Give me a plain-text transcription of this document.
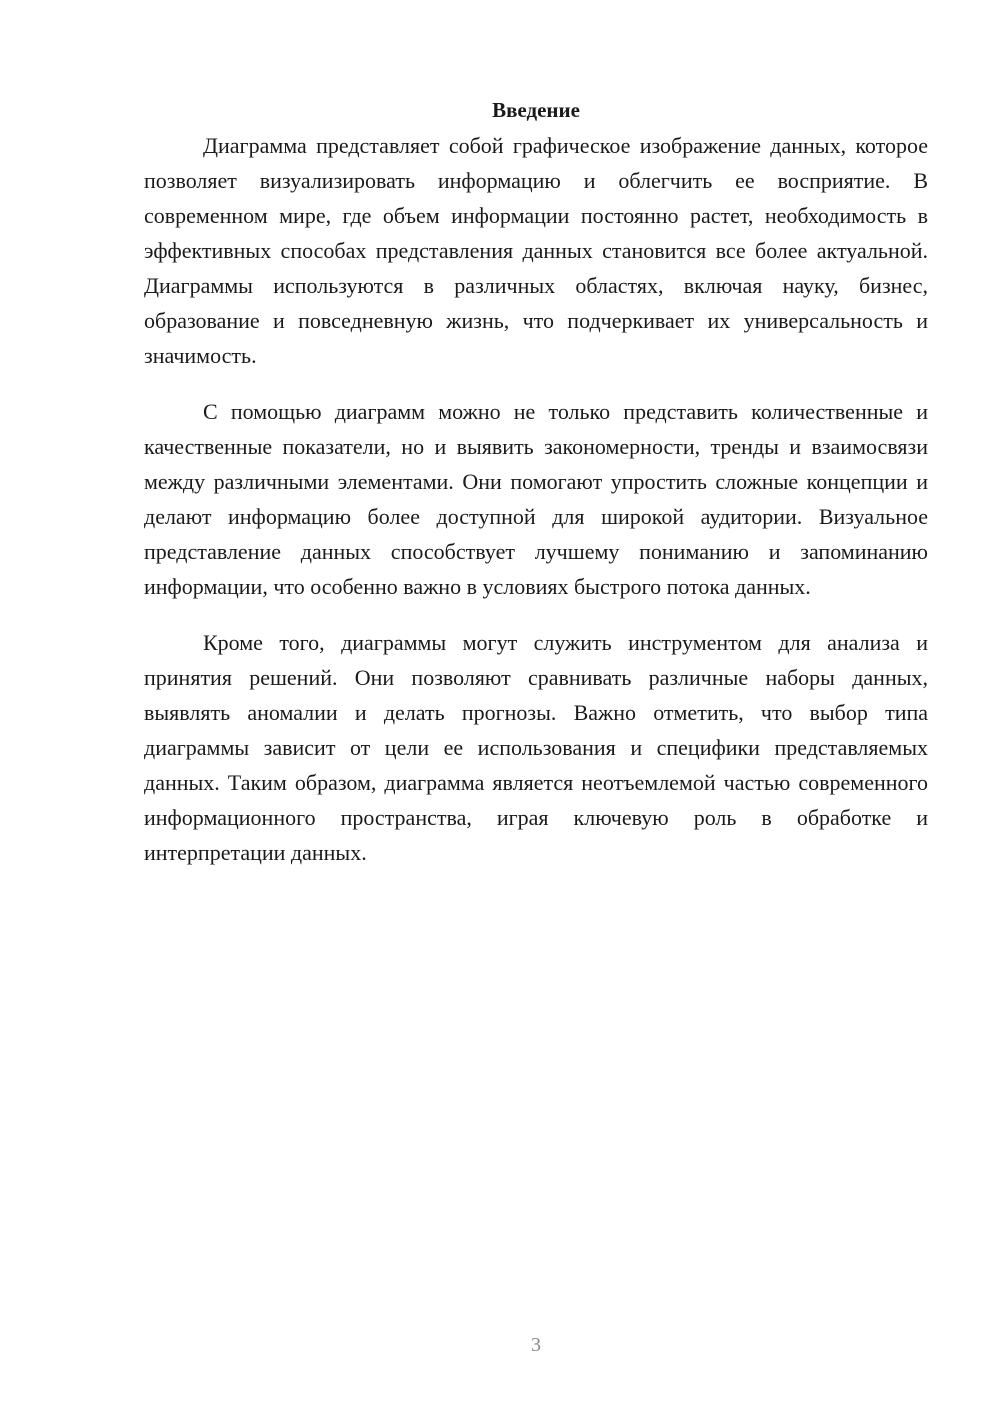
Введение

Диаграмма представляет собой графическое изображение данных, которое позволяет визуализировать информацию и облегчить ее восприятие. В современном мире, где объем информации постоянно растет, необходимость в эффективных способах представления данных становится все более актуальной. Диаграммы используются в различных областях, включая науку, бизнес, образование и повседневную жизнь, что подчеркивает их универсальность и значимость.

С помощью диаграмм можно не только представить количественные и качественные показатели, но и выявить закономерности, тренды и взаимосвязи между различными элементами. Они помогают упростить сложные концепции и делают информацию более доступной для широкой аудитории. Визуальное представление данных способствует лучшему пониманию и запоминанию информации, что особенно важно в условиях быстрого потока данных.

Кроме того, диаграммы могут служить инструментом для анализа и принятия решений. Они позволяют сравнивать различные наборы данных, выявлять аномалии и делать прогнозы. Важно отметить, что выбор типа диаграммы зависит от цели ее использования и специфики представляемых данных. Таким образом, диаграмма является неотъемлемой частью современного информационного пространства, играя ключевую роль в обработке и интерпретации данных.

3
